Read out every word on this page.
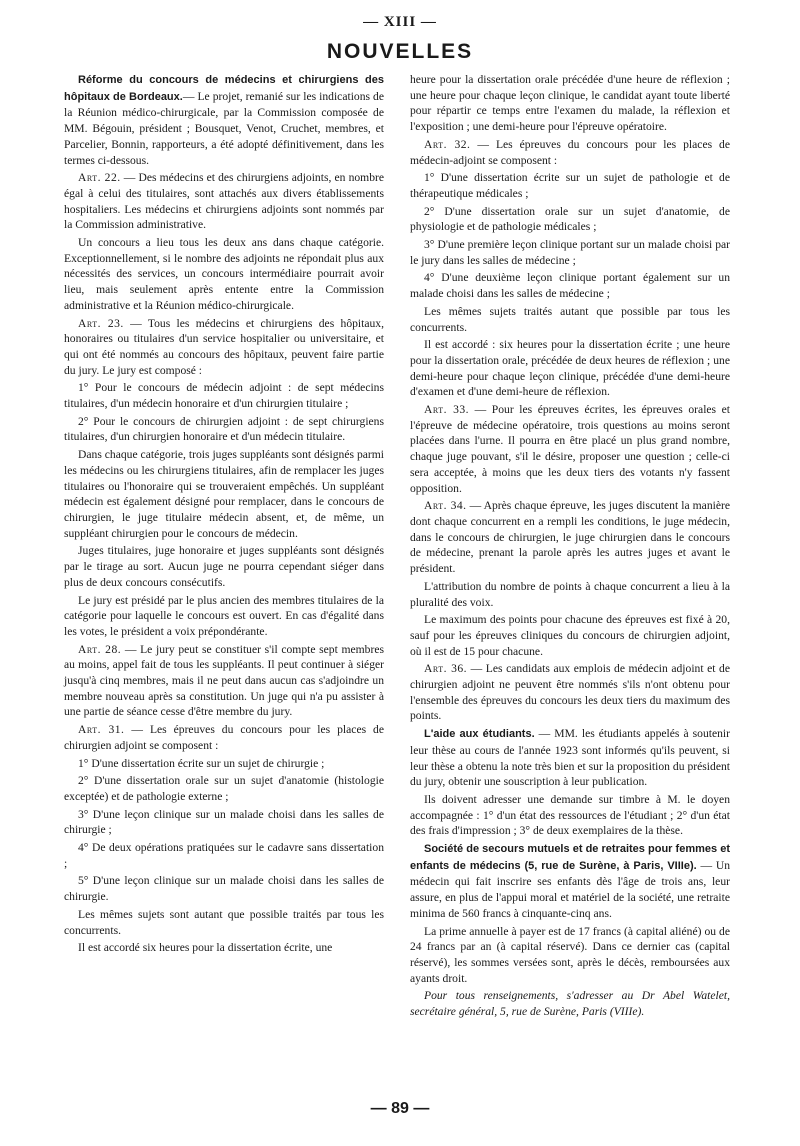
— XIII —
NOUVELLES

Réforme du concours de médecins et chirurgiens des hôpitaux de Bordeaux.— Le projet, remanié sur les indications de la Réunion médico-chirurgicale, par la Commission composée de MM. Bégouin, président ; Bousquet, Venot, Cruchet, membres, et Parcelier, Bonnin, rapporteurs, a été adopté définitivement, dans les termes ci-dessous.

Art. 22. — Des médecins et des chirurgiens adjoints, en nombre égal à celui des titulaires, sont attachés aux divers établissements hospitaliers. Les médecins et chirurgiens adjoints sont nommés par la Commission administrative.

Un concours a lieu tous les deux ans dans chaque catégorie. Exceptionnellement, si le nombre des adjoints ne répondait plus aux nécessités des services, un concours intermédiaire pourrait avoir lieu, mais seulement après entente entre la Commission administrative et la Réunion médico-chirurgicale.

Art. 23. — Tous les médecins et chirurgiens des hôpitaux, honoraires ou titulaires d'un service hospitalier ou universitaire, et qui ont été nommés au concours des hôpitaux, peuvent faire partie du jury. Le jury est composé :

1° Pour le concours de médecin adjoint : de sept médecins titulaires, d'un médecin honoraire et d'un chirurgien titulaire ;

2° Pour le concours de chirurgien adjoint : de sept chirurgiens titulaires, d'un chirurgien honoraire et d'un médecin titulaire.

Dans chaque catégorie, trois juges suppléants sont désignés parmi les médecins ou les chirurgiens titulaires, afin de remplacer les juges titulaires ou l'honoraire qui se trouveraient empêchés. Un suppléant médecin est également désigné pour remplacer, dans le concours de chirurgien, le juge titulaire médecin absent, et, de même, un suppléant chirurgien pour le concours de médecin.

Juges titulaires, juge honoraire et juges suppléants sont désignés par le tirage au sort. Aucun juge ne pourra cependant siéger dans plus de deux concours consécutifs.

Le jury est présidé par le plus ancien des membres titulaires de la catégorie pour laquelle le concours est ouvert. En cas d'égalité dans les votes, le président a voix prépondérante.

Art. 28. — Le jury peut se constituer s'il compte sept membres au moins, appel fait de tous les suppléants. Il peut continuer à siéger jusqu'à cinq membres, mais il ne peut dans aucun cas s'adjoindre un membre nouveau après sa constitution. Un juge qui n'a pu assister à une partie de séance cesse d'être membre du jury.

Art. 31. — Les épreuves du concours pour les places de chirurgien adjoint se composent :

1° D'une dissertation écrite sur un sujet de chirurgie ;

2° D'une dissertation orale sur un sujet d'anatomie (histologie exceptée) et de pathologie externe ;

3° D'une leçon clinique sur un malade choisi dans les salles de chirurgie ;

4° De deux opérations pratiquées sur le cadavre sans dissertation ;

5° D'une leçon clinique sur un malade choisi dans les salles de chirurgie.

Les mêmes sujets sont autant que possible traités par tous les concurrents.

Il est accordé six heures pour la dissertation écrite, une

heure pour la dissertation orale précédée d'une heure de réflexion ; une heure pour chaque leçon clinique, le candidat ayant toute liberté pour répartir ce temps entre l'examen du malade, la réflexion et l'exposition ; une demi-heure pour l'épreuve opératoire.

Art. 32. — Les épreuves du concours pour les places de médecin-adjoint se composent :

1° D'une dissertation écrite sur un sujet de pathologie et de thérapeutique médicales ;

2° D'une dissertation orale sur un sujet d'anatomie, de physiologie et de pathologie médicales ;

3° D'une première leçon clinique portant sur un malade choisi par le jury dans les salles de médecine ;

4° D'une deuxième leçon clinique portant également sur un malade choisi dans les salles de médecine ;

Les mêmes sujets traités autant que possible par tous les concurrents.

Il est accordé : six heures pour la dissertation écrite ; une heure pour la dissertation orale, précédée de deux heures de réflexion ; une demi-heure pour chaque leçon clinique, précédée d'une demi-heure d'examen et d'une demi-heure de réflexion.

Art. 33. — Pour les épreuves écrites, les épreuves orales et l'épreuve de médecine opératoire, trois questions au moins seront placées dans l'urne. Il pourra en être placé un plus grand nombre, chaque juge pouvant, s'il le désire, proposer une question ; celle-ci sera acceptée, à moins que les deux tiers des votants n'y fassent opposition.

Art. 34. — Après chaque épreuve, les juges discutent la manière dont chaque concurrent en a rempli les conditions, le juge médecin, dans le concours de chirurgien, le juge chirurgien dans le concours de médecine, prenant la parole après les autres juges et avant le président.

L'attribution du nombre de points à chaque concurrent a lieu à la pluralité des voix.

Le maximum des points pour chacune des épreuves est fixé à 20, sauf pour les épreuves cliniques du concours de chirurgien adjoint, où il est de 15 pour chacune.

Art. 36. — Les candidats aux emplois de médecin adjoint et de chirurgien adjoint ne peuvent être nommés s'ils n'ont obtenu pour l'ensemble des épreuves du concours les deux tiers du maximum des points.

L'aide aux étudiants. — MM. les étudiants appelés à soutenir leur thèse au cours de l'année 1923 sont informés qu'ils peuvent, si leur thèse a obtenu la note très bien et sur la proposition du président du jury, obtenir une souscription à leur publication.

Ils doivent adresser une demande sur timbre à M. le doyen accompagnée : 1° d'un état des ressources de l'étudiant ; 2° d'un état des frais d'impression ; 3° de deux exemplaires de la thèse.

Société de secours mutuels et de retraites pour femmes et enfants de médecins (5, rue de Surène, à Paris, VIIIe). — Un médecin qui fait inscrire ses enfants dès l'âge de trois ans, leur assure, en plus de l'appui moral et matériel de la société, une retraite minima de 560 francs à cinquante-cinq ans.

La prime annuelle à payer est de 17 francs (à capital aliéné) ou de 24 francs par an (à capital réservé). Dans ce dernier cas (capital réservé), les sommes versées sont, après le décès, remboursées aux ayants droit.

Pour tous renseignements, s'adresser au Dr Abel Watelet, secrétaire général, 5, rue de Surène, Paris (VIIIe).

— 89 —
